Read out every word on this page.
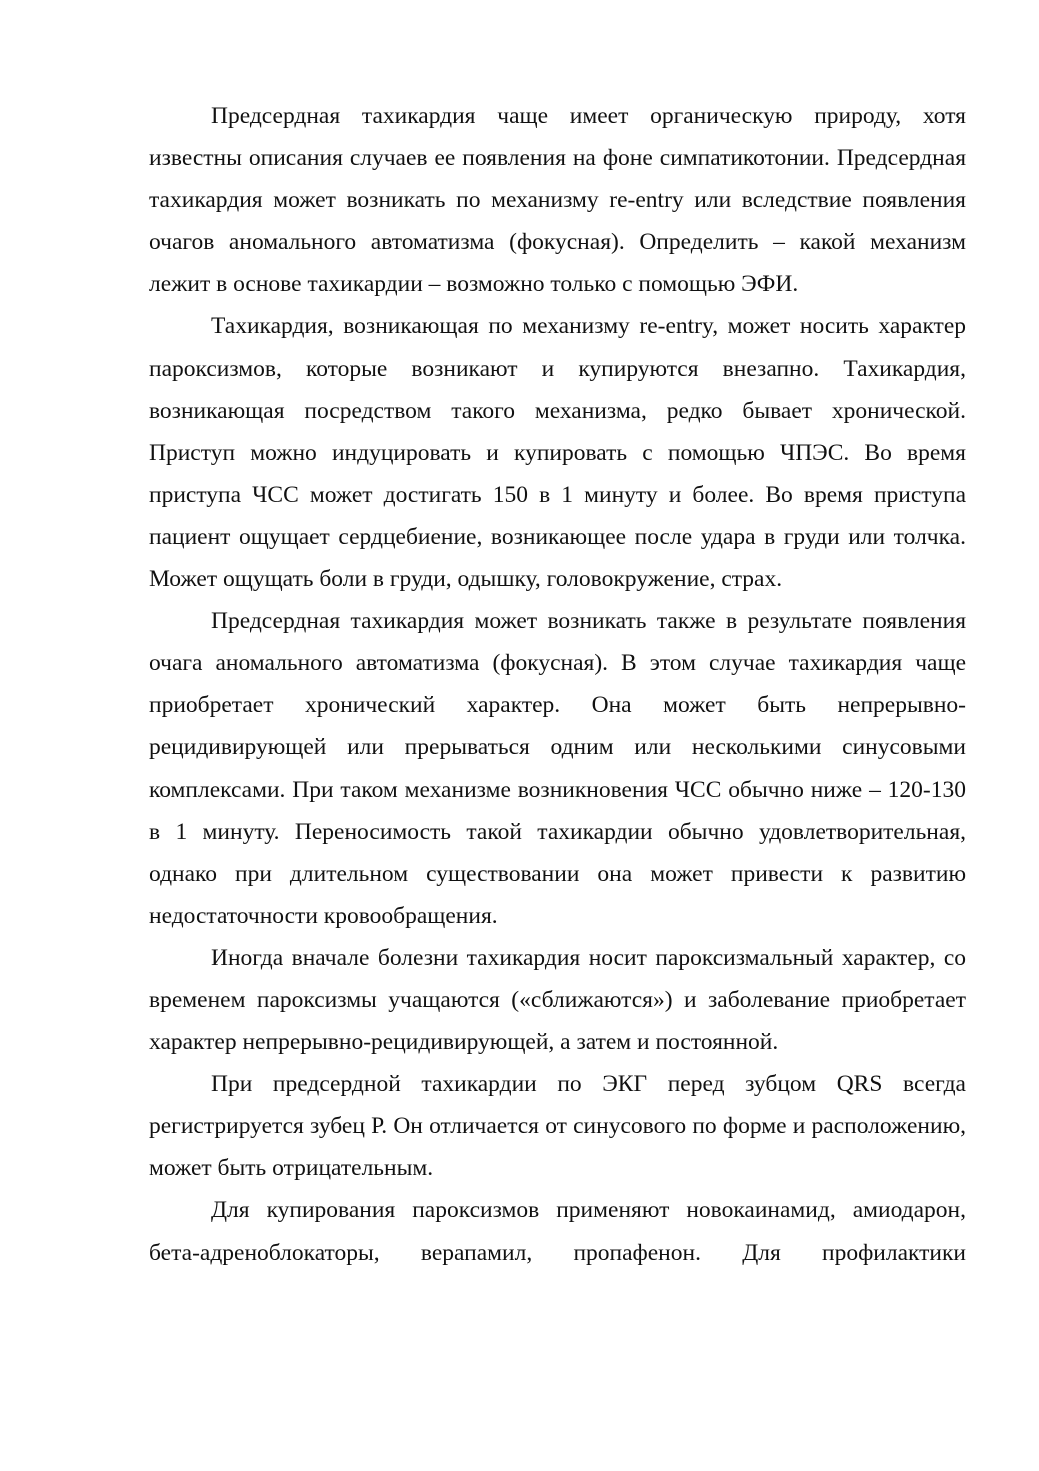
Предсердная тахикардия чаще имеет органическую природу, хотя известны описания случаев ее появления на фоне симпатикотонии. Предсердная тахикардия может возникать по механизму re-entry или вследствие появления очагов аномального автоматизма (фокусная). Определить – какой механизм лежит в основе тахикардии – возможно только с помощью ЭФИ.

Тахикардия, возникающая по механизму re-entry, может носить характер пароксизмов, которые возникают и купируются внезапно. Тахикардия, возникающая посредством такого механизма, редко бывает хронической. Приступ можно индуцировать и купировать с помощью ЧПЭС. Во время приступа ЧСС может достигать 150 в 1 минуту и более. Во время приступа пациент ощущает сердцебиение, возникающее после удара в груди или толчка. Может ощущать боли в груди, одышку, головокружение, страх.

Предсердная тахикардия может возникать также в результате появления очага аномального автоматизма (фокусная). В этом случае тахикардия чаще приобретает хронический характер. Она может быть непрерывно-рецидивирующей или прерываться одним или несколькими синусовыми комплексами. При таком механизме возникновения ЧСС обычно ниже – 120-130 в 1 минуту. Переносимость такой тахикардии обычно удовлетворительная, однако при длительном существовании она может привести к развитию недостаточности кровообращения.

Иногда вначале болезни тахикардия носит пароксизмальный характер, со временем пароксизмы учащаются («сближаются») и заболевание приобретает характер непрерывно-рецидивирующей, а затем и постоянной.

При предсердной тахикардии по ЭКГ перед зубцом QRS всегда регистрируется зубец Р. Он отличается от синусового по форме и расположению, может быть отрицательным.

Для купирования пароксизмов применяют новокаинамид, амиодарон, бета-адреноблокаторы, верапамил, пропафенон. Для профилактики
